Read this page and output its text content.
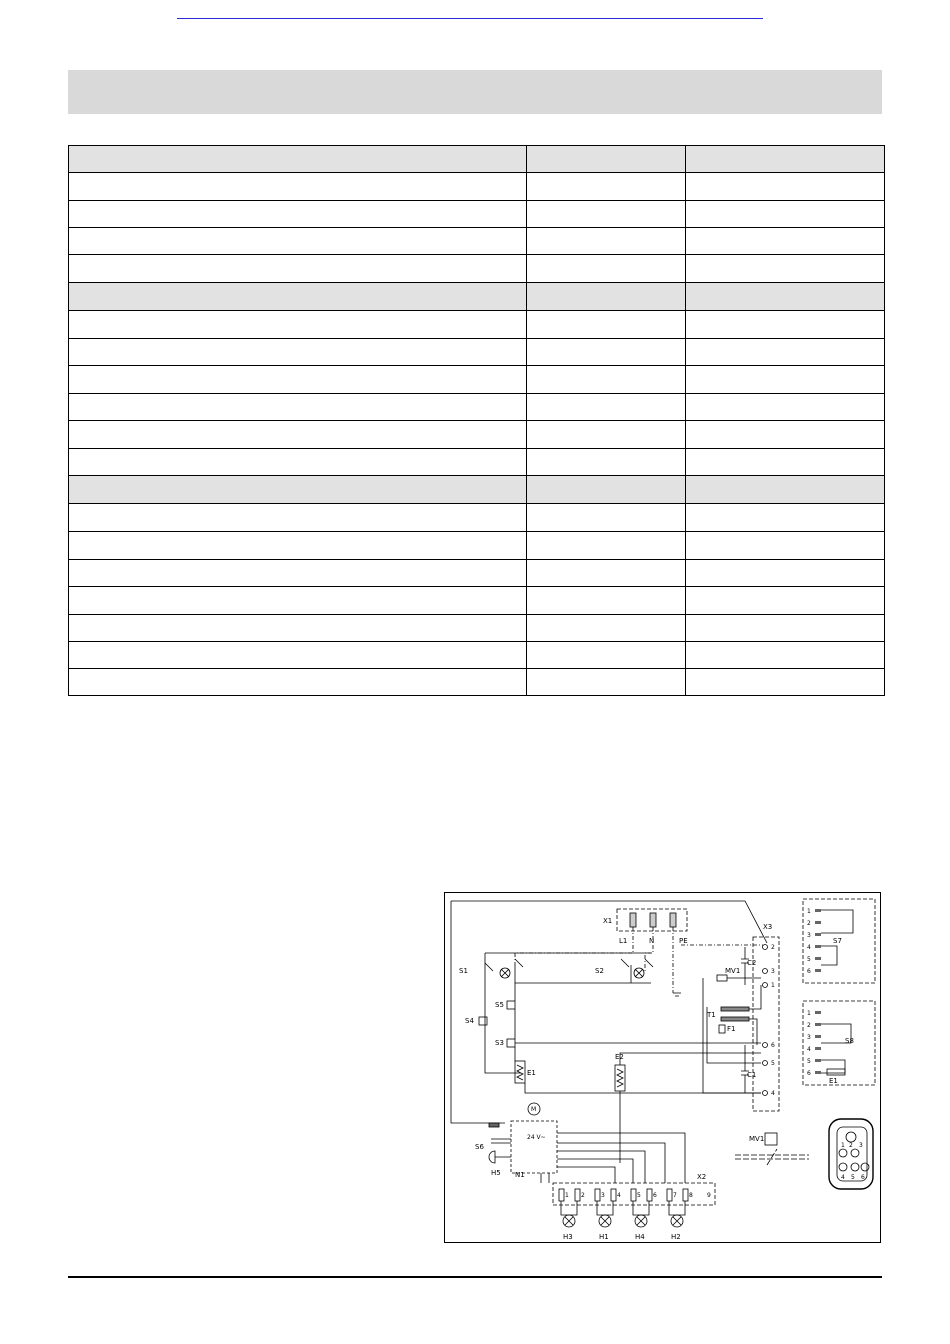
X1
L1	N	PE
X3
C2
C1
MV1
T1
F1
S1	S2
S3
S4
S5
S6
E1
E2
H5 N1
M
24 V~
X2
H3	H1	H4	H2
S7
S8
E1
MV1
2
3
1
6
5
4
1 2	3 4	5 6	7 8 9
1
2
3
4
5
6
1
2
3
4
5
6
1 2 3
4 5 6
